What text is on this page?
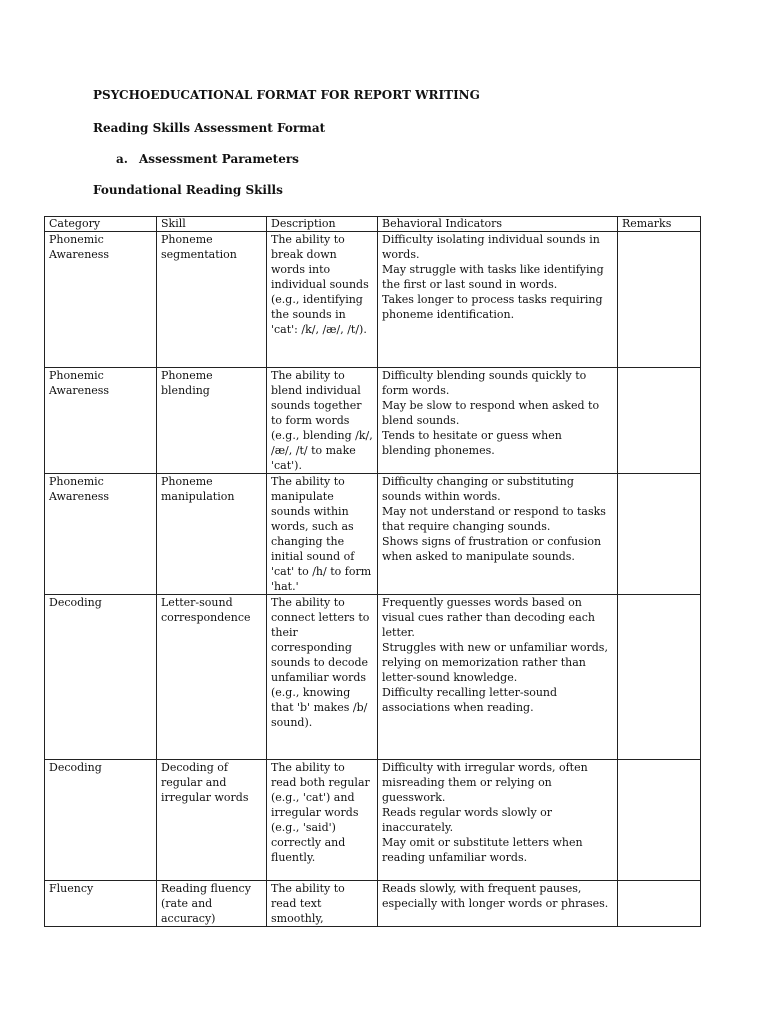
PSYCHOEDUCATIONAL FORMAT FOR REPORT WRITING
Reading Skills Assessment Format
a. Assessment Parameters
Foundational Reading Skills
Category	Skill	Description	Behavioral Indicators	Remarks
Phonemic Awareness	Phoneme segmentation	The ability to break down words into individual sounds (e.g., identifying the sounds in 'cat': /k/, /æ/, /t/).	Difficulty isolating individual sounds in words.
May struggle with tasks like identifying the first or last sound in words.
Takes longer to process tasks requiring phoneme identification.	

Phonemic Awareness	Phoneme blending	The ability to blend individual sounds together to form words (e.g., blending /k/, /æ/, /t/ to make 'cat').	Difficulty blending sounds quickly to form words.
May be slow to respond when asked to blend sounds.
Tends to hesitate or guess when blending phonemes.	

Phonemic Awareness	Phoneme manipulation	The ability to manipulate sounds within words, such as changing the initial sound of 'cat' to /h/ to form 'hat.'	Difficulty changing or substituting sounds within words.
May not understand or respond to tasks that require changing sounds.
Shows signs of frustration or confusion when asked to manipulate sounds.	

Decoding	Letter-sound correspondence	The ability to connect letters to their corresponding sounds to decode unfamiliar words (e.g., knowing that 'b' makes /b/ sound).	Frequently guesses words based on visual cues rather than decoding each letter.
Struggles with new or unfamiliar words, relying on memorization rather than letter-sound knowledge.
Difficulty recalling letter-sound associations when reading.	

Decoding	Decoding of regular and irregular words	The ability to read both regular (e.g., 'cat') and irregular words (e.g., 'said') correctly and fluently.	Difficulty with irregular words, often misreading them or relying on guesswork.
Reads regular words slowly or inaccurately.
May omit or substitute letters when reading unfamiliar words.	

Fluency	Reading fluency (rate and accuracy)	The ability to read text smoothly,	Reads slowly, with frequent pauses, especially with longer words or phrases.	
